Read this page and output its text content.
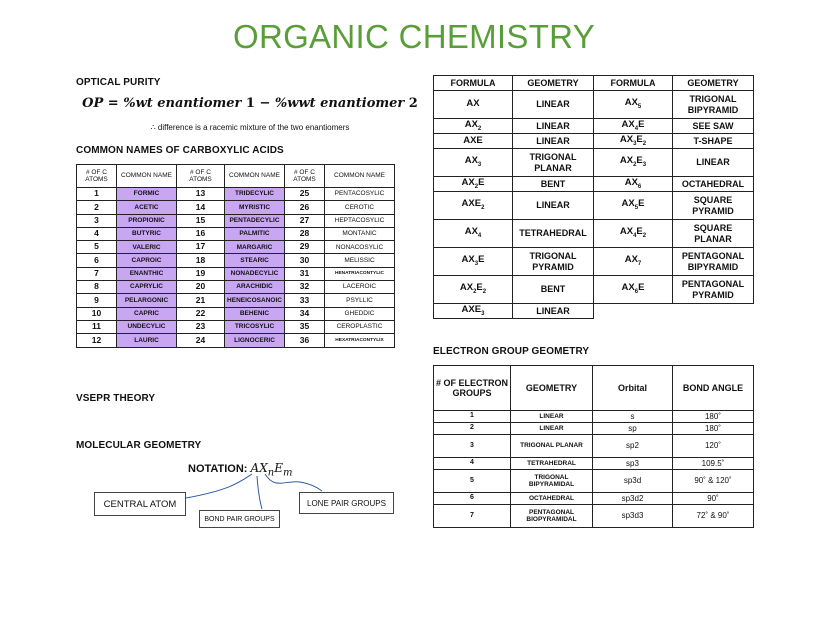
ORGANIC CHEMISTRY
OPTICAL PURITY
OP = %wt enantiomer 1 − %wwt enantiomer 2
∴ difference is a racemic mixture of the two enantiomers
COMMON NAMES OF CARBOXYLIC ACIDS
# OF C ATOMS	COMMON NAME	# OF C ATOMS	COMMON NAME	# OF C ATOMS	COMMON NAME
1	FORMIC	13	TRIDECYLIC	25	PENTACOSYLIC
2	ACETIC	14	MYRISTIC	26	CEROTIC
3	PROPIONIC	15	PENTADECYLIC	27	HEPTACOSYLIC
4	BUTYRIC	16	PALMITIC	28	MONTANIC
5	VALERIC	17	MARGARIC	29	NONACOSYLIC
6	CAPROIC	18	STEARIC	30	MELISSIC
7	ENANTHIC	19	NONADECYLIC	31	HENATRIACONTYLIC
8	CAPRYLIC	20	ARACHIDIC	32	LACEROIC
9	PELARGONIC	21	HENEICOSANOIC	33	PSYLLIC
10	CAPRIC	22	BEHENIC	34	GHEDDIC
11	UNDECYLIC	23	TRICOSYLIC	35	CEROPLASTIC
12	LAURIC	24	LIGNOCERIC	36	HEXATRIACONTYLIX
VSEPR THEORY
MOLECULAR GEOMETRY
NOTATION: $AX_nE_m$
CENTRAL ATOM
BOND PAIR GROUPS
LONE PAIR GROUPS
FORMULA	GEOMETRY	FORMULA	GEOMETRY
AX	LINEAR	$AX_5$	TRIGONAL BIPYRAMID
$AX_2$	LINEAR	$AX_4E$	SEE SAW
AXE	LINEAR	$AX_3E_2$	T-SHAPE
$AX_3$	TRIGONAL PLANAR	$AX_2E_3$	LINEAR
$AX_2E$	BENT	$AX_6$	OCTAHEDRAL
$AXE_2$	LINEAR	$AX_5E$	SQUARE PYRAMID
$AX_4$	TETRAHEDRAL	$AX_4E_2$	SQUARE PLANAR
$AX_3E$	TRIGONAL PYRAMID	$AX_7$	PENTAGONAL BIPYRAMID
$AX_2E_2$	BENT	$AX_6E$	PENTAGONAL PYRAMID
$AXE_3$	LINEAR		
ELECTRON GROUP GEOMETRY
# OF ELECTRON GROUPS	GEOMETRY	Orbital	BOND ANGLE
1	LINEAR	s	180˚
2	LINEAR	sp	180˚
3	TRIGONAL PLANAR	sp2	120˚
4	TETRAHEDRAL	sp3	109.5˚
5	TRIGONAL BIPYRAMIDAL	sp3d	90˚ & 120˚
6	OCTAHEDRAL	sp3d2	90˚
7	PENTAGONAL BIOPYRAMIDAL	sp3d3	72˚ & 90˚
